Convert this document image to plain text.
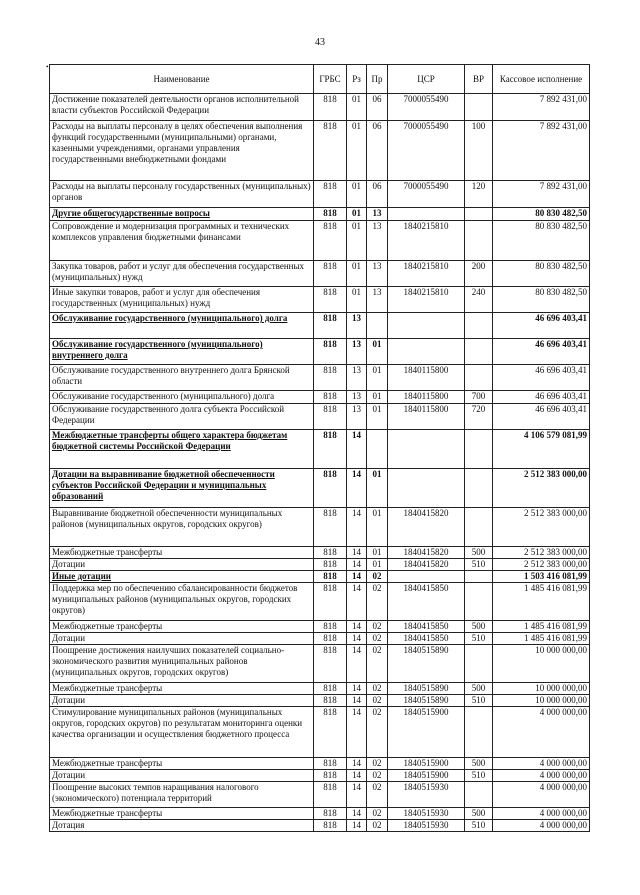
43
•
Наименование	ГРБС	Рз	Пр	ЦСР	ВР	Кассовое исполнение
Достижение показателей деятельности органов исполнительной власти субъектов Российской Федерации	818	01	06	7000055490		7 892 431,00
Расходы на выплаты персоналу в целях обеспечения выполнения функций государственными (муниципальными) органами, казенными учреждениями, органами управления государственными внебюджетными фондами	818	01	06	7000055490	100	7 892 431,00
Расходы на выплаты персоналу государственных (муниципальных) органов	818	01	06	7000055490	120	7 892 431,00
Другие общегосударственные вопросы	818	01	13			80 830 482,50
Сопровождение и модернизация программных и технических комплексов управления бюджетными финансами	818	01	13	1840215810		80 830 482,50
Закупка товаров, работ и услуг для обеспечения государственных (муниципальных) нужд	818	01	13	1840215810	200	80 830 482,50
Иные закупки товаров, работ и услуг для обеспечения государственных (муниципальных) нужд	818	01	13	1840215810	240	80 830 482,50
Обслуживание государственного (муниципального) долга	818	13				46 696 403,41
Обслуживание государственного (муниципального) внутреннего долга	818	13	01			46 696 403,41
Обслуживание государственного внутреннего долга Брянской области	818	13	01	1840115800		46 696 403,41
Обслуживание государственного (муниципального) долга	818	13	01	1840115800	700	46 696 403,41
Обслуживание государственного долга субъекта Российской Федерации	818	13	01	1840115800	720	46 696 403,41
Межбюджетные трансферты общего характера бюджетам бюджетной системы Российской Федерации	818	14				4 106 579 081,99
Дотации на выравнивание бюджетной обеспеченности субъектов Российской Федерации и муниципальных образований	818	14	01			2 512 383 000,00
Выравнивание бюджетной обеспеченности муниципальных районов (муниципальных округов, городских округов)	818	14	01	1840415820		2 512 383 000,00
Межбюджетные трансферты	818	14	01	1840415820	500	2 512 383 000,00
Дотации	818	14	01	1840415820	510	2 512 383 000,00
Иные дотации	818	14	02			1 503 416 081,99
Поддержка мер по обеспечению сбалансированности бюджетов муниципальных районов (муниципальных округов, городских округов)	818	14	02	1840415850		1 485 416 081,99
Межбюджетные трансферты	818	14	02	1840415850	500	1 485 416 081,99
Дотации	818	14	02	1840415850	510	1 485 416 081,99
Поощрение достижения наилучших показателей социально-экономического развития муниципальных районов (муниципальных округов, городских округов)	818	14	02	1840515890		10 000 000,00
Межбюджетные трансферты	818	14	02	1840515890	500	10 000 000,00
Дотации	818	14	02	1840515890	510	10 000 000,00
Стимулирование муниципальных районов (муниципальных округов, городских округов) по результатам мониторинга оценки качества организации и осуществления бюджетного процесса	818	14	02	1840515900		4 000 000,00
Межбюджетные трансферты	818	14	02	1840515900	500	4 000 000,00
Дотации	818	14	02	1840515900	510	4 000 000,00
Поощрение высоких темпов наращивания налогового (экономического) потенциала территорий	818	14	02	1840515930		4 000 000,00
Межбюджетные трансферты	818	14	02	1840515930	500	4 000 000,00
Дотация	818	14	02	1840515930	510	4 000 000,00
